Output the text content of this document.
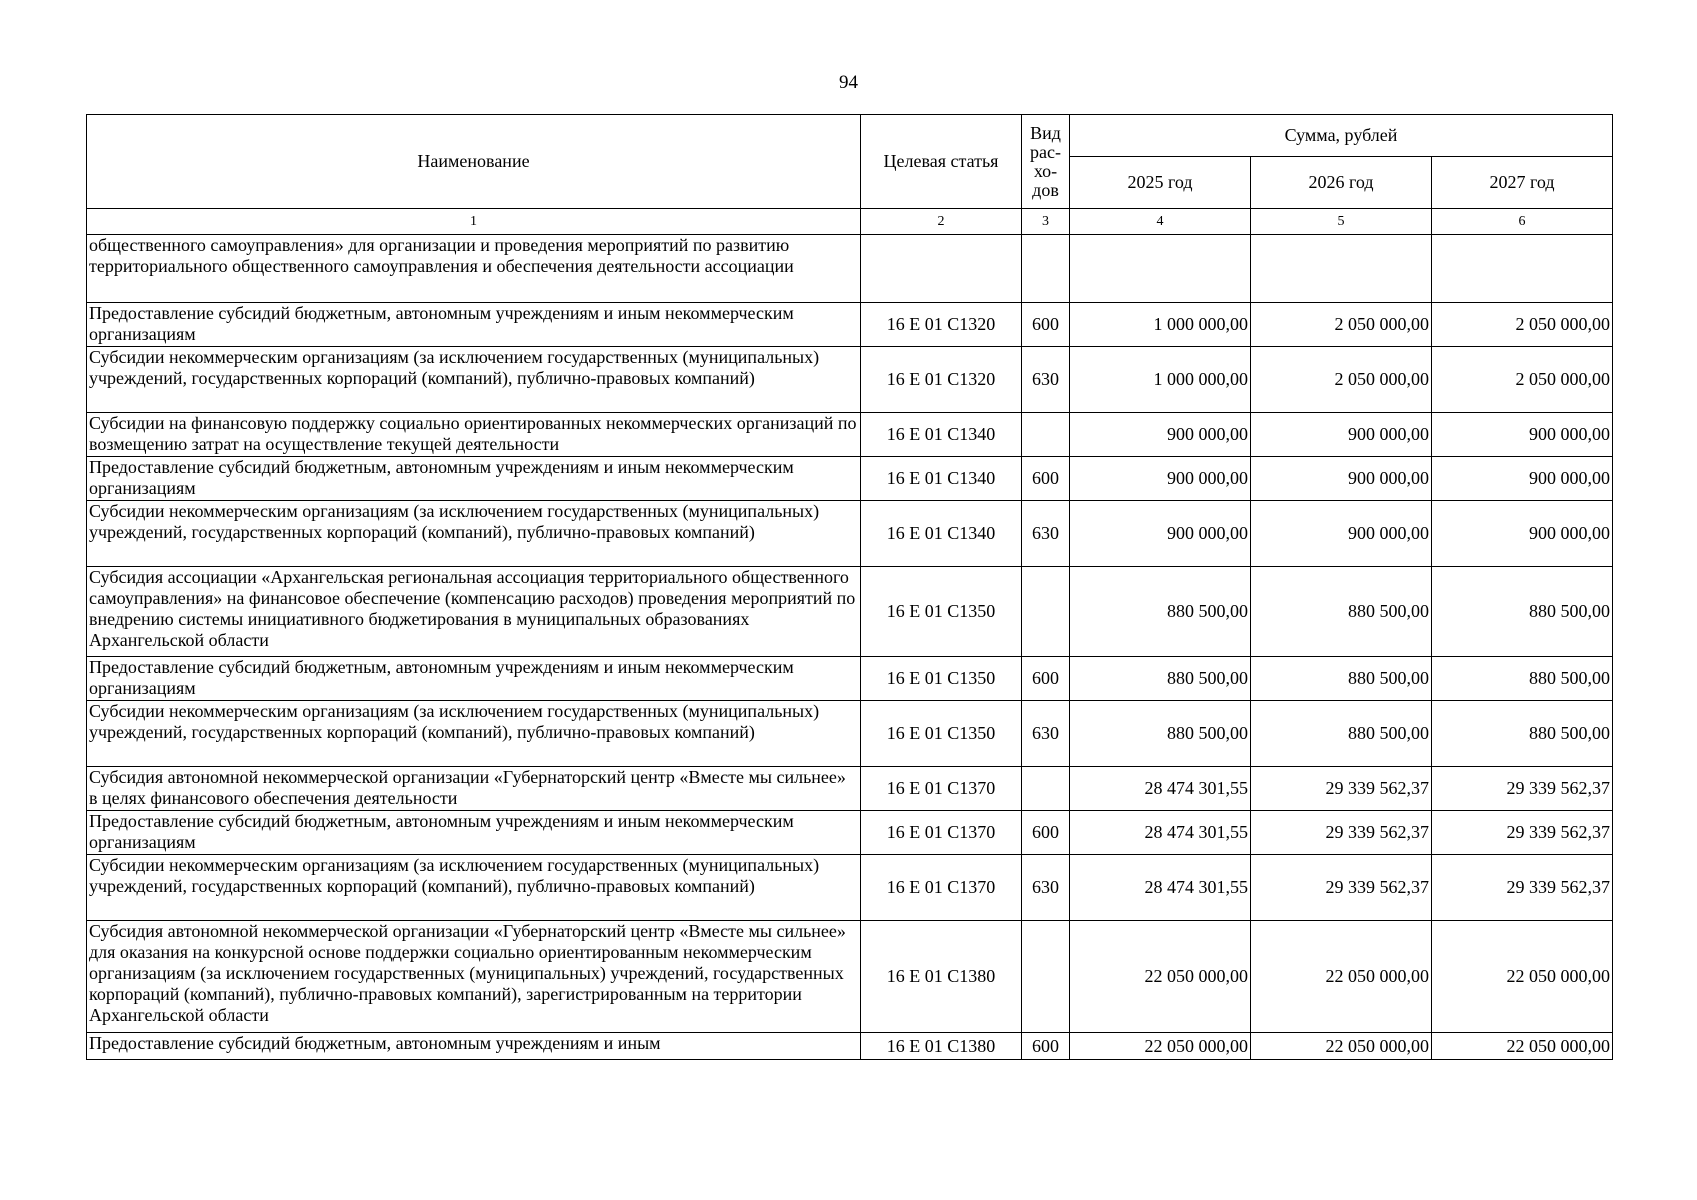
94
Наименование	Целевая статья	Вид рас-хо-дов	Сумма, рублей		
			2025 год	2026 год	2027 год
1	2	3	4	5	6
общественного самоуправления» для организации и проведения мероприятий по развитию территориального общественного самоуправления и обеспечения деятельности ассоциации					
Предоставление субсидий бюджетным, автономным учреждениям и иным некоммерческим организациям	16 Е 01 С1320	600	1 000 000,00	2 050 000,00	2 050 000,00
Субсидии некоммерческим организациям (за исключением государственных (муниципальных) учреждений, государственных корпораций (компаний), публично-правовых компаний)	16 Е 01 С1320	630	1 000 000,00	2 050 000,00	2 050 000,00
Субсидии на финансовую поддержку социально ориентированных некоммерческих организаций по возмещению затрат на осуществление текущей деятельности	16 Е 01 С1340		900 000,00	900 000,00	900 000,00
Предоставление субсидий бюджетным, автономным учреждениям и иным некоммерческим организациям	16 Е 01 С1340	600	900 000,00	900 000,00	900 000,00
Субсидии некоммерческим организациям (за исключением государственных (муниципальных) учреждений, государственных корпораций (компаний), публично-правовых компаний)	16 Е 01 С1340	630	900 000,00	900 000,00	900 000,00
Субсидия ассоциации «Архангельская региональная ассоциация территориального общественного самоуправления» на финансовое обеспечение (компенсацию расходов) проведения мероприятий по внедрению системы инициативного бюджетирования в муниципальных образованиях Архангельской области	16 Е 01 С1350		880 500,00	880 500,00	880 500,00
Предоставление субсидий бюджетным, автономным учреждениям и иным некоммерческим организациям	16 Е 01 С1350	600	880 500,00	880 500,00	880 500,00
Субсидии некоммерческим организациям (за исключением государственных (муниципальных) учреждений, государственных корпораций (компаний), публично-правовых компаний)	16 Е 01 С1350	630	880 500,00	880 500,00	880 500,00
Субсидия автономной некоммерческой организации «Губернаторский центр «Вместе мы сильнее» в целях финансового обеспечения деятельности	16 Е 01 С1370		28 474 301,55	29 339 562,37	29 339 562,37
Предоставление субсидий бюджетным, автономным учреждениям и иным некоммерческим организациям	16 Е 01 С1370	600	28 474 301,55	29 339 562,37	29 339 562,37
Субсидии некоммерческим организациям (за исключением государственных (муниципальных) учреждений, государственных корпораций (компаний), публично-правовых компаний)	16 Е 01 С1370	630	28 474 301,55	29 339 562,37	29 339 562,37
Субсидия автономной некоммерческой организации «Губернаторский центр «Вместе мы сильнее» для оказания на конкурсной основе поддержки социально ориентированным некоммерческим организациям (за исключением государственных (муниципальных) учреждений, государственных корпораций (компаний), публично-правовых компаний), зарегистрированным на территории Архангельской области	16 Е 01 С1380		22 050 000,00	22 050 000,00	22 050 000,00
Предоставление субсидий бюджетным, автономным учреждениям и иным	16 Е 01 С1380	600	22 050 000,00	22 050 000,00	22 050 000,00
